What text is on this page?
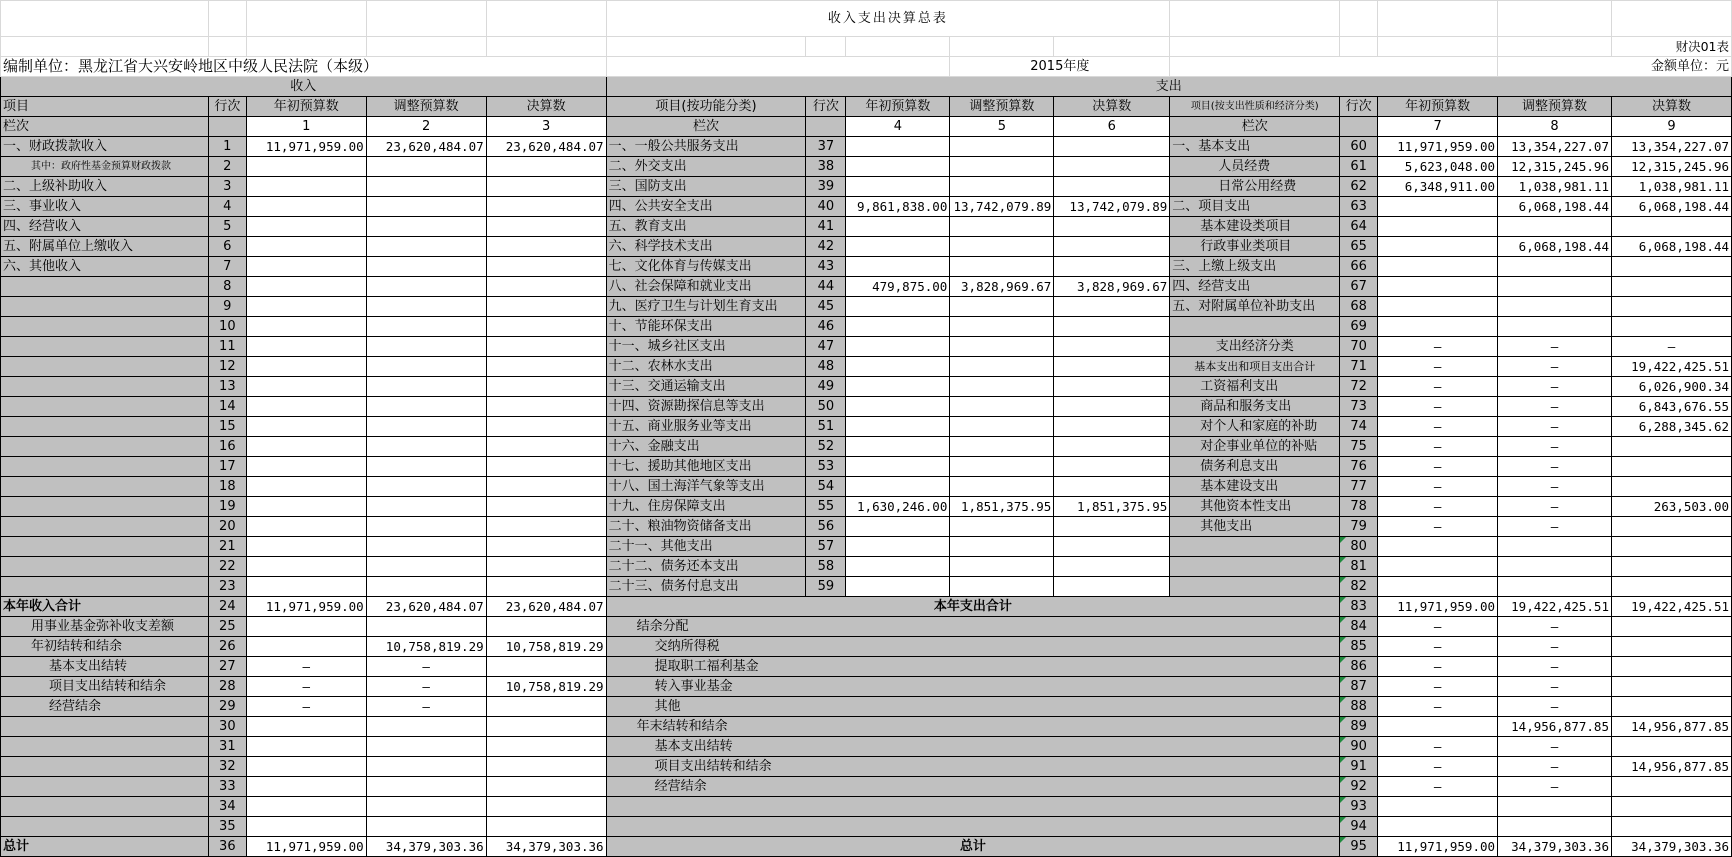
					收入支出决算总表									
														财决01表
编制单位：黑龙江省大兴安岭地区中级人民法院（本级）								2015年度					金额单位：元	
收入					支出									
项目	行次	年初预算数	调整预算数	决算数	项目(按功能分类)	行次	年初预算数	调整预算数	决算数	项目(按支出性质和经济分类)	行次	年初预算数	调整预算数	决算数
栏次		1	2	3	栏次		4	5	6	栏次		7	8	9
一、财政拨款收入	1	11,971,959.00	23,620,484.07	23,620,484.07	一、一般公共服务支出	37				一、基本支出	60	11,971,959.00	13,354,227.07	13,354,227.07
其中：政府性基金预算财政拨款	2				二、外交支出	38				人员经费	61	5,623,048.00	12,315,245.96	12,315,245.96
二、上级补助收入	3				三、国防支出	39				日常公用经费	62	6,348,911.00	1,038,981.11	1,038,981.11
三、事业收入	4				四、公共安全支出	40	9,861,838.00	13,742,079.89	13,742,079.89	二、项目支出	63		6,068,198.44	6,068,198.44
四、经营收入	5				五、教育支出	41				基本建设类项目	64			
五、附属单位上缴收入	6				六、科学技术支出	42				行政事业类项目	65		6,068,198.44	6,068,198.44
六、其他收入	7				七、文化体育与传媒支出	43				三、上缴上级支出	66			
	8				八、社会保障和就业支出	44	479,875.00	3,828,969.67	3,828,969.67	四、经营支出	67			
	9				九、医疗卫生与计划生育支出	45				五、对附属单位补助支出	68			
	10				十、节能环保支出	46					69			
	11				十一、城乡社区支出	47				支出经济分类	70	—	—	—
	12				十二、农林水支出	48				基本支出和项目支出合计	71	—	—	19,422,425.51
	13				十三、交通运输支出	49				工资福利支出	72	—	—	6,026,900.34
	14				十四、资源勘探信息等支出	50				商品和服务支出	73	—	—	6,843,676.55
	15				十五、商业服务业等支出	51				对个人和家庭的补助	74	—	—	6,288,345.62
	16				十六、金融支出	52				对企事业单位的补贴	75	—	—	
	17				十七、援助其他地区支出	53				债务利息支出	76	—	—	
	18				十八、国土海洋气象等支出	54				基本建设支出	77	—	—	
	19				十九、住房保障支出	55	1,630,246.00	1,851,375.95	1,851,375.95	其他资本性支出	78	—	—	263,503.00
	20				二十、粮油物资储备支出	56				其他支出	79	—	—	
	21				二十一、其他支出	57					80			
	22				二十二、债务还本支出	58					81			
	23				二十三、债务付息支出	59					82			
本年收入合计	24	11,971,959.00	23,620,484.07	23,620,484.07	本年支出合计						83	11,971,959.00	19,422,425.51	19,422,425.51
用事业基金弥补收支差额	25				结余分配						84	—	—	
年初结转和结余	26		10,758,819.29	10,758,819.29	交纳所得税						85	—	—	
基本支出结转	27	—	—		提取职工福利基金						86	—	—	
项目支出结转和结余	28	—	—	10,758,819.29	转入事业基金						87	—	—	
经营结余	29	—	—		其他						88	—	—	
	30				年末结转和结余						89		14,956,877.85	14,956,877.85
	31				基本支出结转						90	—	—	
	32				项目支出结转和结余						91	—	—	14,956,877.85
	33				经营结余						92	—	—	
	34										93			
	35										94			
总计	36	11,971,959.00	34,379,303.36	34,379,303.36	总计						95	11,971,959.00	34,379,303.36	34,379,303.36
